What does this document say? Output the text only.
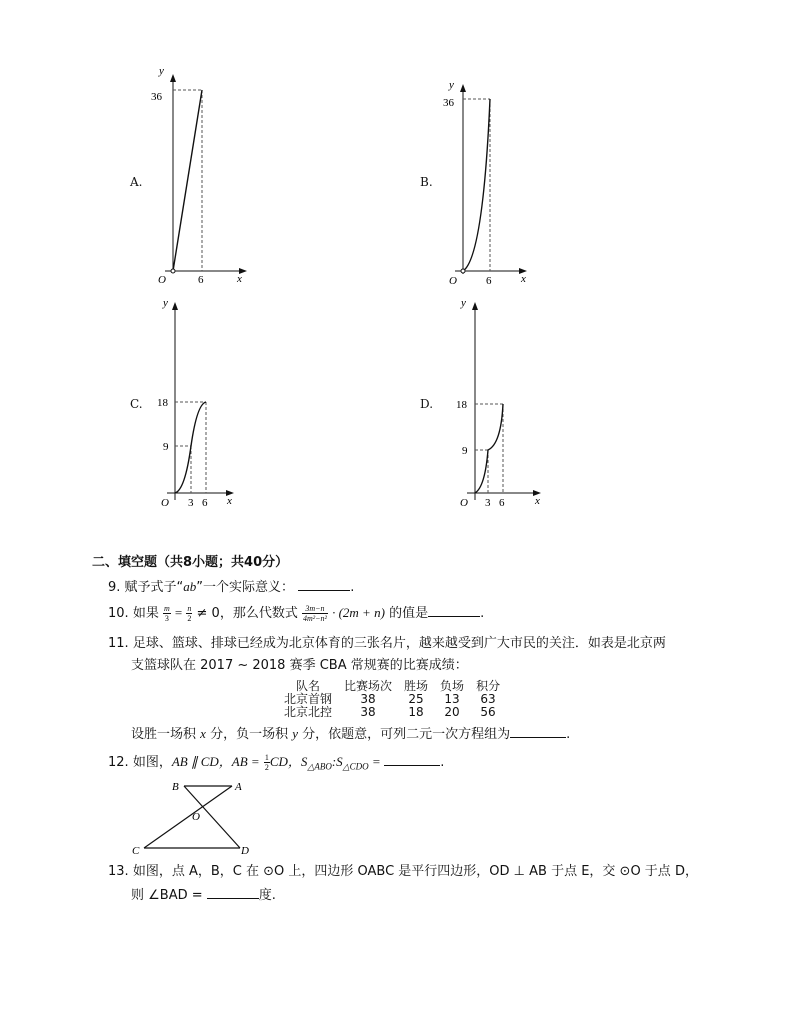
A.
y
36
O	6	x
B.
y
36
O	6	x
C.
y
18
9
O 3 6 x
D.
y
18
9
O 3 6	x
二、填空题（共8小题；共40分）
9. 赋予式子“ab”一个实际意义：	.
10. 如果 $\frac{m}{3} = \frac{n}{2} \ne 0$，那么代数式 $\frac{3m-n}{\text{4m²−n²}} \cdot (2m + n)$ 的值是	.
11. 足球、篮球、排球已经成为北京体育的三张名片，越来越受到广大市民的关注．如表是北京两
支篮球队在 2017 ~ 2018 赛季 CBA 常规赛的比赛成绩：
队名	比赛场次	胜场	负场	积分
北京首钢	38	25	13	63
北京北控	38	18	20	56
设胜一场积 x 分，负一场积 y 分，依题意，可列二元一次方程组为	.
12. 如图，AB ∥ CD，AB = $\frac{1}{2}$ CD，$S_{\triangle ABO}:S_{\triangle CDO}$ =	.
B	A
O
C	D
13. 如图，点 A，B，C 在 ⊙O 上，四边形 OABC 是平行四边形，OD ⊥ AB 于点 E，交 ⊙O 于点 D，
则 ∠BAD =	度.
